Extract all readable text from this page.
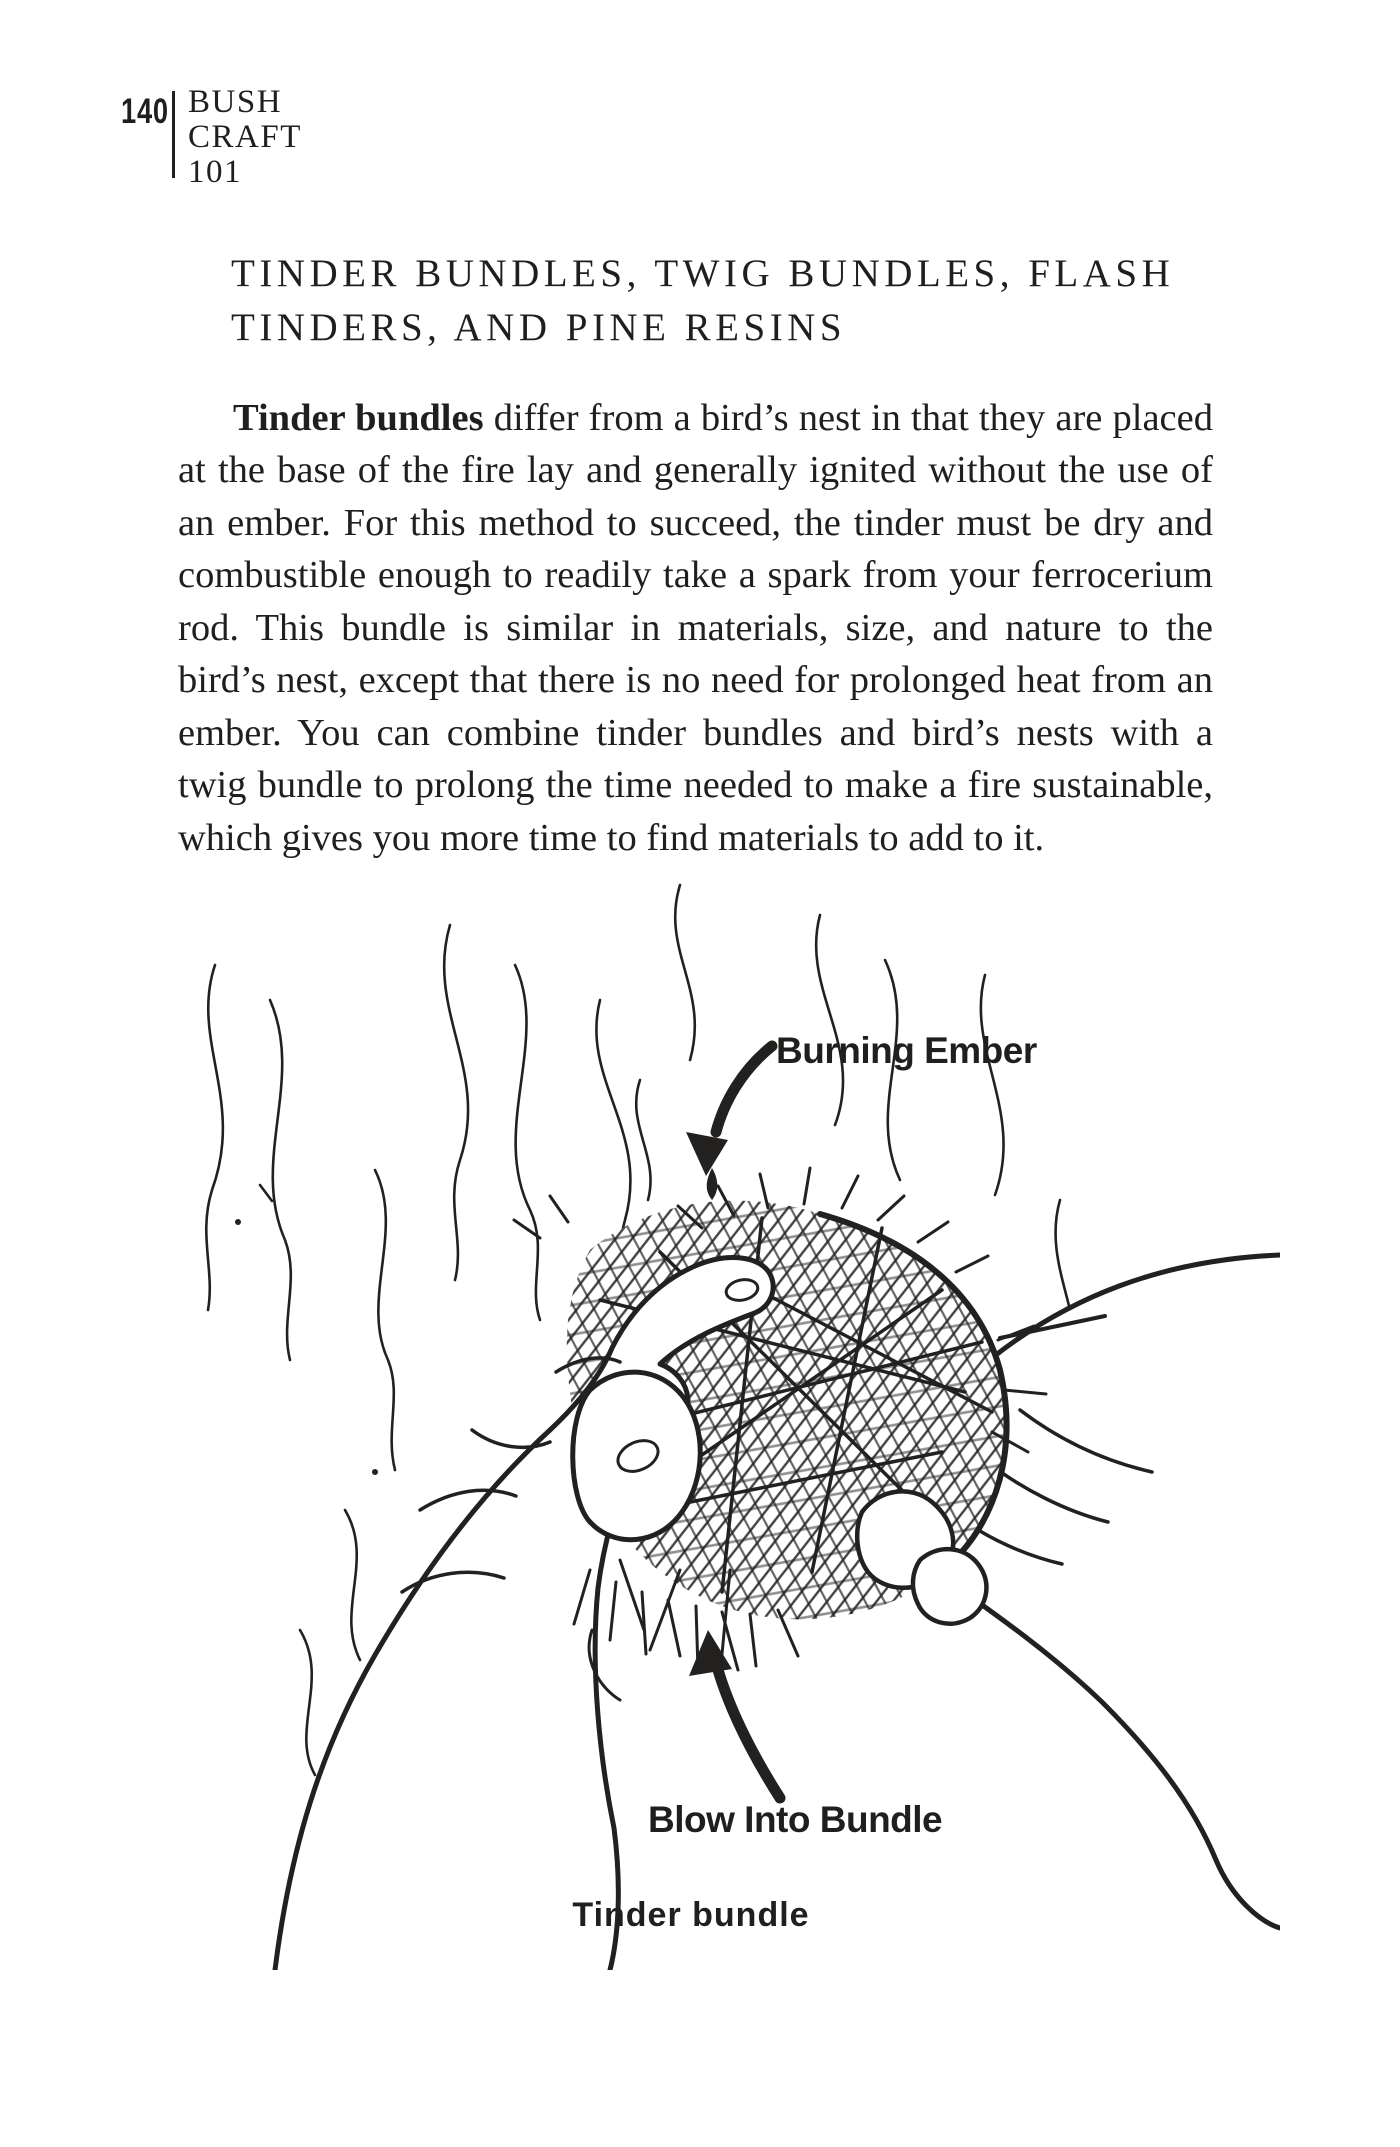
140 BUSH
CRAFT
101
TINDER BUNDLES, TWIG BUNDLES, FLASH
TINDERS, AND PINE RESINS

Tinder bundles differ from a bird’s nest in that they are placed at the base of the fire lay and generally ignited without the use of an ember. For this method to succeed, the tinder must be dry and combustible enough to readily take a spark from your ferrocerium rod. This bundle is similar in materials, size, and nature to the bird’s nest, except that there is no need for prolonged heat from an ember. You can combine tinder bundles and bird’s nests with a twig bundle to prolong the time needed to make a fire sustainable, which gives you more time to find materials to add to it.

Burning Ember
Blow Into Bundle
Tinder bundle
